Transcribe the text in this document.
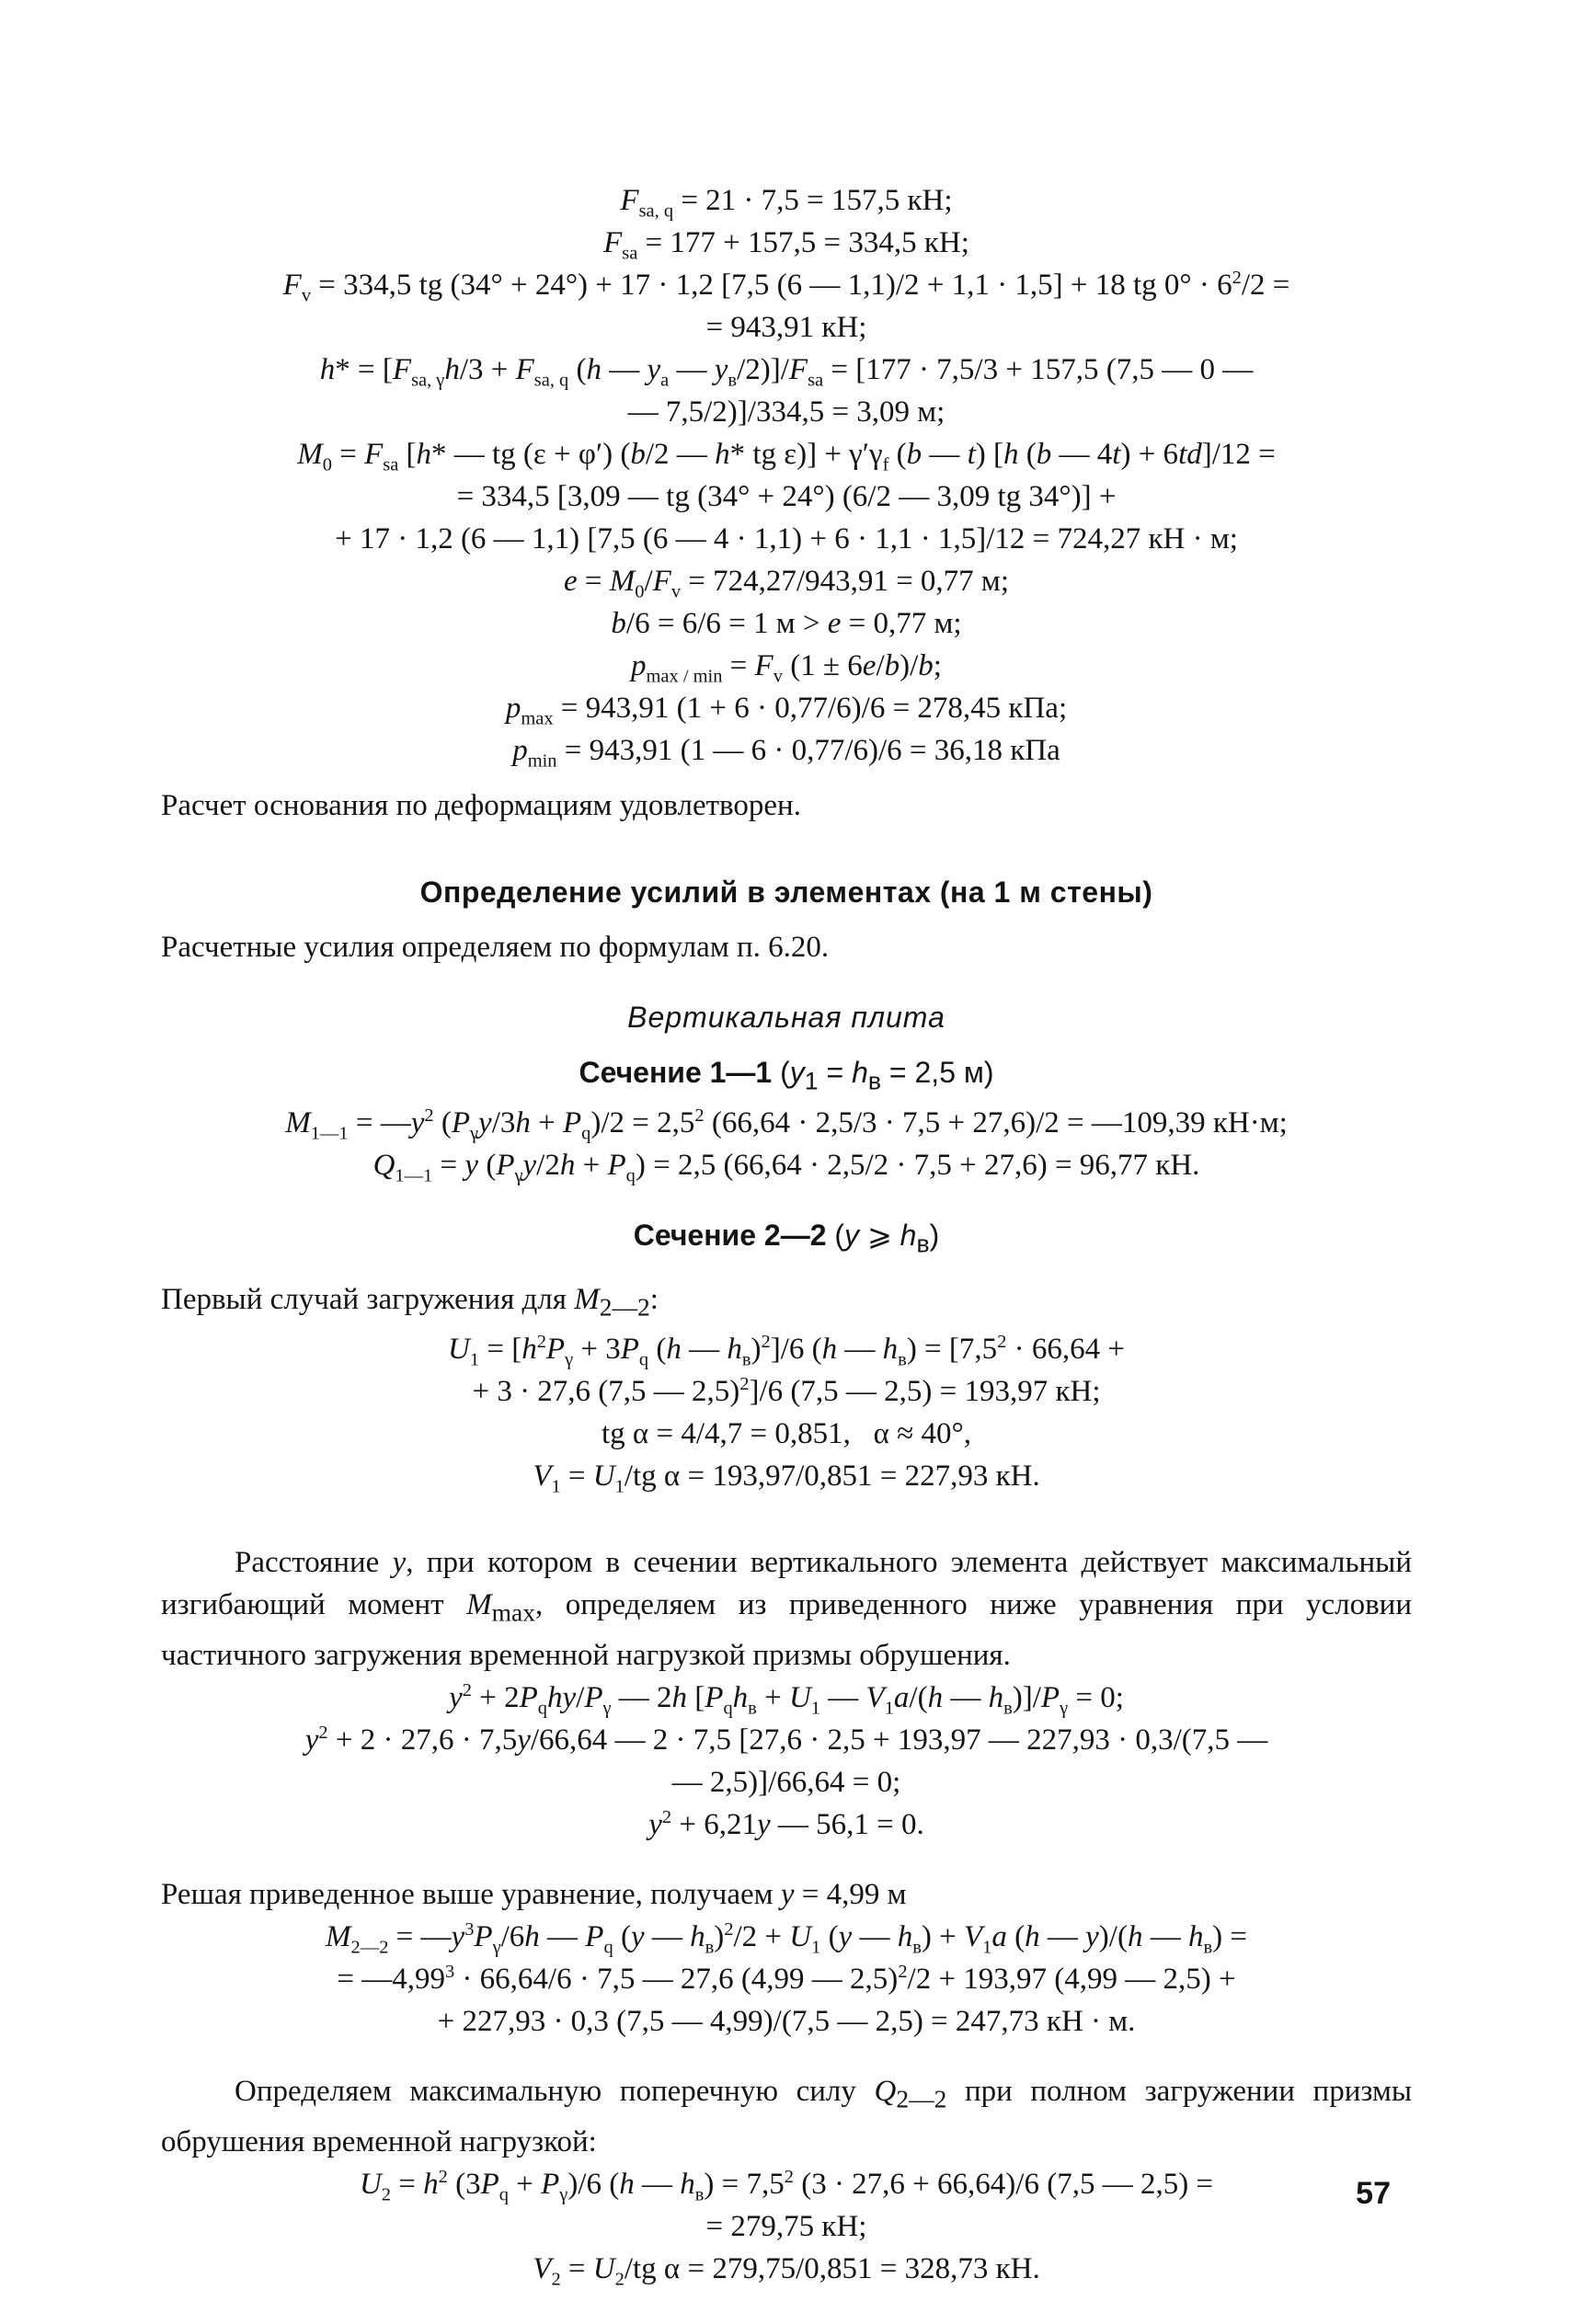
$F_{sa, q} = 21 \cdot 7,5 = 157,5$ кН;
$F_{sa} = 177 + 157,5 = 334,5$ кН;
$F_v = 334,5$ tg (34° + 24°) + 17 · 1,2 [7,5 (6 — 1,1)/2 + 1,1 · 1,5] + 18 tg $0^\circ \cdot 6^2/2$ =
= 943,91 кН;
$h* = [F_{sa, \gamma}h/3 + F_{sa, q}$ (h — $y_a$ — $y_в/2)]/F_{sa} = [177 \cdot 7,5/3 + 157,5$ (7,5 — 0 —
— 7,5/2)]/334,5 = 3,09 м;
$M_0 = F_{sa}$ [h* — tg (ε + φ′) (b/2 — h* tg $\varepsilon)] + \gamma'\gamma_f$ (b — t) [h (b — 4t) + 6td]/12 =
= 334,5 [3,09 — tg (34° + 24°) (6/2 — 3,09 tg 34°)] +
+ 17 · 1,2 (6 — 1,1) [7,5 (6 — 4 · 1,1) + 6 · 1,1 · 1,5]/12 = 724,27 кН · м;
$e = M_0/F_v = 724,27/943,91 = 0,77$ м;
b/6 = 6/6 = 1 м > e = 0,77 м;
$p_{max / min} = F_v$ (1 ± 6e/b)/b;
$p_{max} = 943,91$ (1 + 6 · 0,77/6)/6 = 278,45 кПа;
$p_{min} = 943,91$ (1 — 6 · 0,77/6)/6 = 36,18 кПа

Расчет основания по деформациям удовлетворен.

Определение усилий в элементах (на 1 м стены)

Расчетные усилия определяем по формулам п. 6.20.

Вертикальная плита
Сечение 1—1 ($y_1 = h_в = 2,5$ м)
$M_{1—1}$ = $—y^2$ $(P_\gamma y/3h + P_q)/2 = 2,5^2$ (66,64 · 2,5/3 · 7,5 + 27,6)/2 = —109,39 кН·м;
$Q_{1—1} = y$ $(P_\gamma y/2h + P_q) = 2,5$ (66,64 · 2,5/2 · 7,5 + 27,6) = 96,77 кН.
Сечение 2—2 (y ⩾ $h_в$)

Первый случай загружения для $M_{2—2}$:

$U_1 = [h^2P_\gamma + 3P_q$ (h — $h_в)^2]/6$ (h — $h_в) = [7,5^2 \cdot 66,64$ +
+ 3 · 27,6 (7,5 — 2,5)$^2$]/6 (7,5 — 2,5) = 193,97 кН;
tg α = 4/4,7 = 0,851,   α ≈ 40°,
$V_1 = U_1/tg$ α = 193,97/0,851 = 227,93 кН.

Расстояние y, при котором в сечении вертикального элемента действует максимальный изгибающий момент $M_{max}$, определяем из приведенного ниже уравнения при условии частичного загружения временной нагрузкой призмы обрушения.

$y^2 + 2P_qhy/P_\gamma$ — 2h [$P_qh_в + U_1$ — $V_1a/(h$ — $h_в)]/P_\gamma = 0$;
$y^2 + 2 \cdot 27,6 \cdot 7,5y/66,64$ — 2 · 7,5 [27,6 · 2,5 + 193,97 — 227,93 · 0,3/(7,5 —
— 2,5)]/66,64 = 0;
$y^2 + 6,21y$ — 56,1 = 0.

Решая приведенное выше уравнение, получаем y = 4,99 м

$M_{2—2}$ = $—y^3P_\gamma/6h$ — $P_q$ (y — $h_в)^2/2 + U_1$ (y — $h_в) + V_1a$ (h — y)/(h — $h_в$) =
= $—4,99^3 \cdot 66,64/6 \cdot 7,5$ — 27,6 (4,99 — 2,5)$^2$/2 + 193,97 (4,99 — 2,5) +
+ 227,93 · 0,3 (7,5 — 4,99)/(7,5 — 2,5) = 247,73 кН · м.

Определяем максимальную поперечную силу $Q_{2—2}$ при полном загружении призмы обрушения временной нагрузкой:

$U_2 = h^2$ $(3P_q + P_\gamma)/6$ (h — $h_в) = 7,5^2$ (3 · 27,6 + 66,64)/6 (7,5 — 2,5) =
= 279,75 кН;
$V_2 = U_2/tg$ α = 279,75/0,851 = 328,73 кН.
57
